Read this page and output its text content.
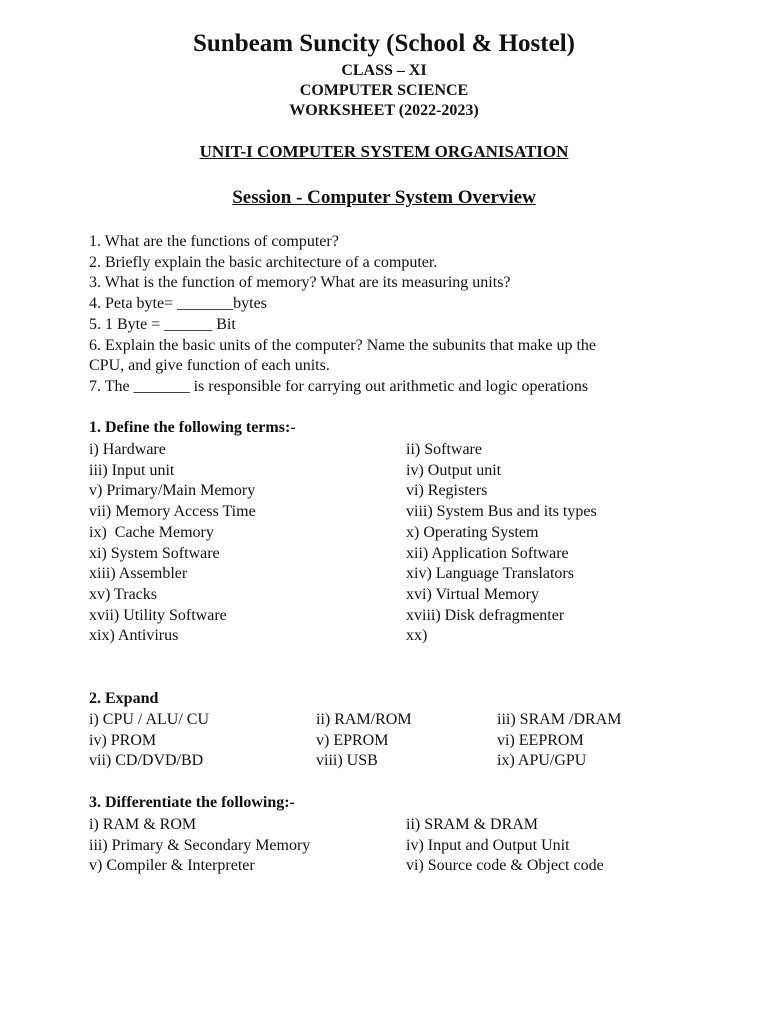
Sunbeam Suncity (School & Hostel)
CLASS – XI
COMPUTER SCIENCE
WORKSHEET (2022-2023)
UNIT-I COMPUTER SYSTEM ORGANISATION
Session - Computer System Overview
1. What are the functions of computer?
2. Briefly explain the basic architecture of a computer.
3. What is the function of memory? What are its measuring units?
4. Peta byte= _______bytes
5. 1 Byte = ______ Bit
6. Explain the basic units of the computer? Name the subunits that make up the
CPU, and give function of each units.
7. The _______ is responsible for carrying out arithmetic and logic operations
1. Define the following terms:-
i) Hardware	ii) Software
iii) Input unit	iv) Output unit
v) Primary/Main Memory	vi) Registers
vii) Memory Access Time	viii) System Bus and its types
ix)  Cache Memory	x) Operating System
xi) System Software	xii) Application Software
xiii) Assembler	xiv) Language Translators
xv) Tracks	xvi) Virtual Memory
xvii) Utility Software	xviii) Disk defragmenter
xix) Antivirus	xx)
2. Expand
i) CPU / ALU/ CU	ii) RAM/ROM	iii) SRAM /DRAM
iv) PROM	v) EPROM	vi) EEPROM
vii) CD/DVD/BD	viii) USB	ix) APU/GPU
3. Differentiate the following:-
i) RAM & ROM	ii) SRAM & DRAM
iii) Primary & Secondary Memory	iv) Input and Output Unit
v) Compiler & Interpreter	vi) Source code & Object code
